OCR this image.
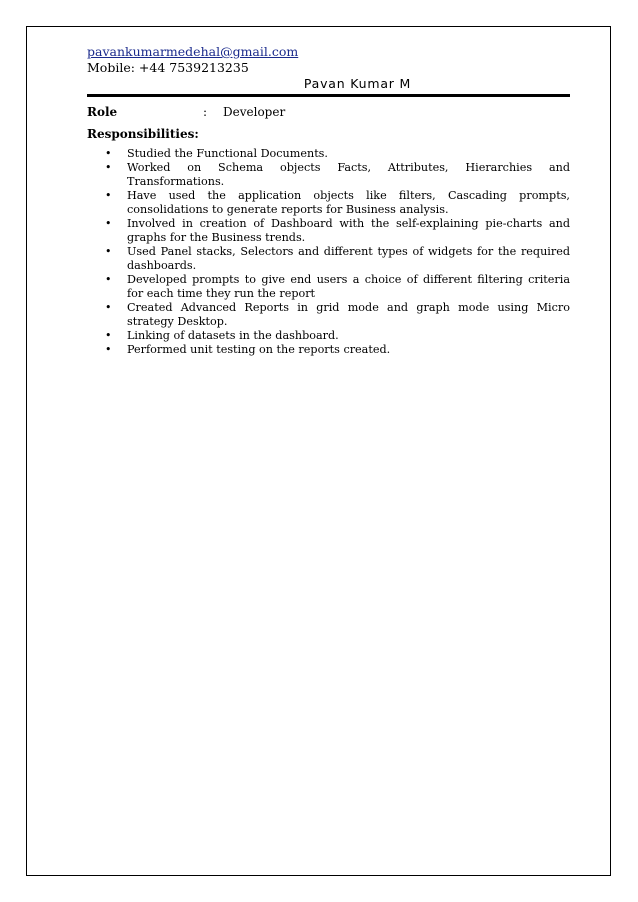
pavankumarmedehal@gmail.com
Mobile: +44 7539213235
Pavan Kumar M
Role	: Developer
Responsibilities:
• Studied the Functional Documents.
• Worked on Schema objects Facts, Attributes, Hierarchies and Transformations.
• Have used the application objects like filters, Cascading prompts, consolidations to generate reports for Business analysis.
• Involved in creation of Dashboard with the self-explaining pie-charts and graphs for the Business trends.
• Used Panel stacks, Selectors and different types of widgets for the required dashboards.
• Developed prompts to give end users a choice of different filtering criteria for each time they run the report
• Created Advanced Reports in grid mode and graph mode using Micro strategy Desktop.
• Linking of datasets in the dashboard.
• Performed unit testing on the reports created.
